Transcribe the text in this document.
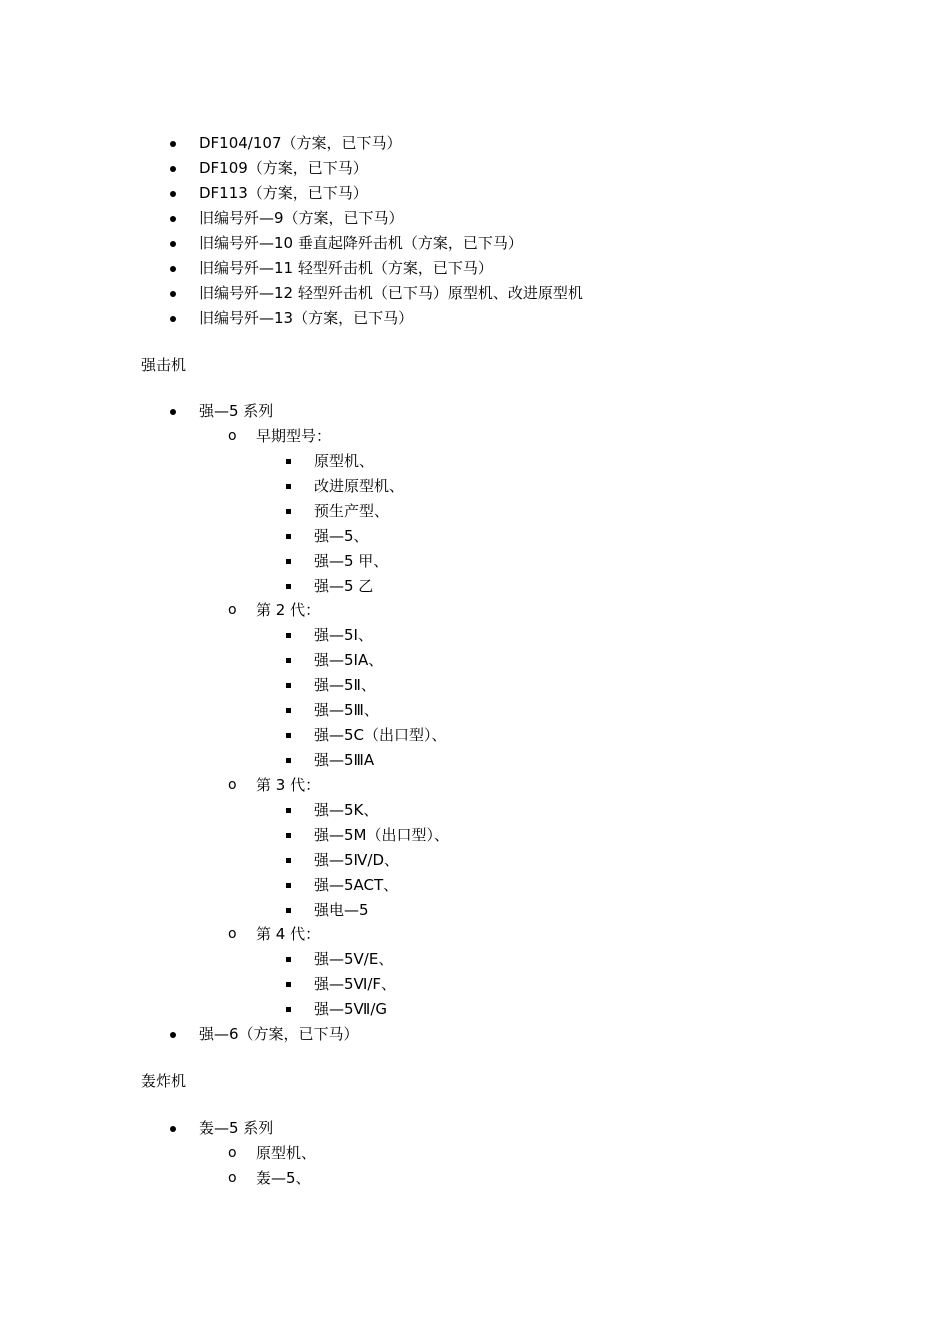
DF104/107（方案，已下马）
DF109（方案，已下马）
DF113（方案，已下马）
旧编号歼—9（方案，已下马）
旧编号歼—10 垂直起降歼击机（方案，已下马）
旧编号歼—11 轻型歼击机（方案，已下马）
旧编号歼—12 轻型歼击机（已下马）原型机、改进原型机
旧编号歼—13（方案，已下马）
强击机
强—5 系列
o 早期型号：
原型机、
改进原型机、
预生产型、
强—5、
强—5 甲、
强—5 乙
o 第 2 代：
强—5Ⅰ、
强—5ⅠA、
强—5Ⅱ、
强—5Ⅲ、
强—5C（出口型）、
强—5ⅢA
o 第 3 代：
强—5K、
强—5M（出口型）、
强—5Ⅳ/D、
强—5ACT、
强电—5
o 第 4 代：
强—5Ⅴ/E、
强—5Ⅵ/F、
强—5Ⅶ/G
强—6（方案，已下马）
轰炸机
轰—5 系列
o 原型机、
o 轰—5、
